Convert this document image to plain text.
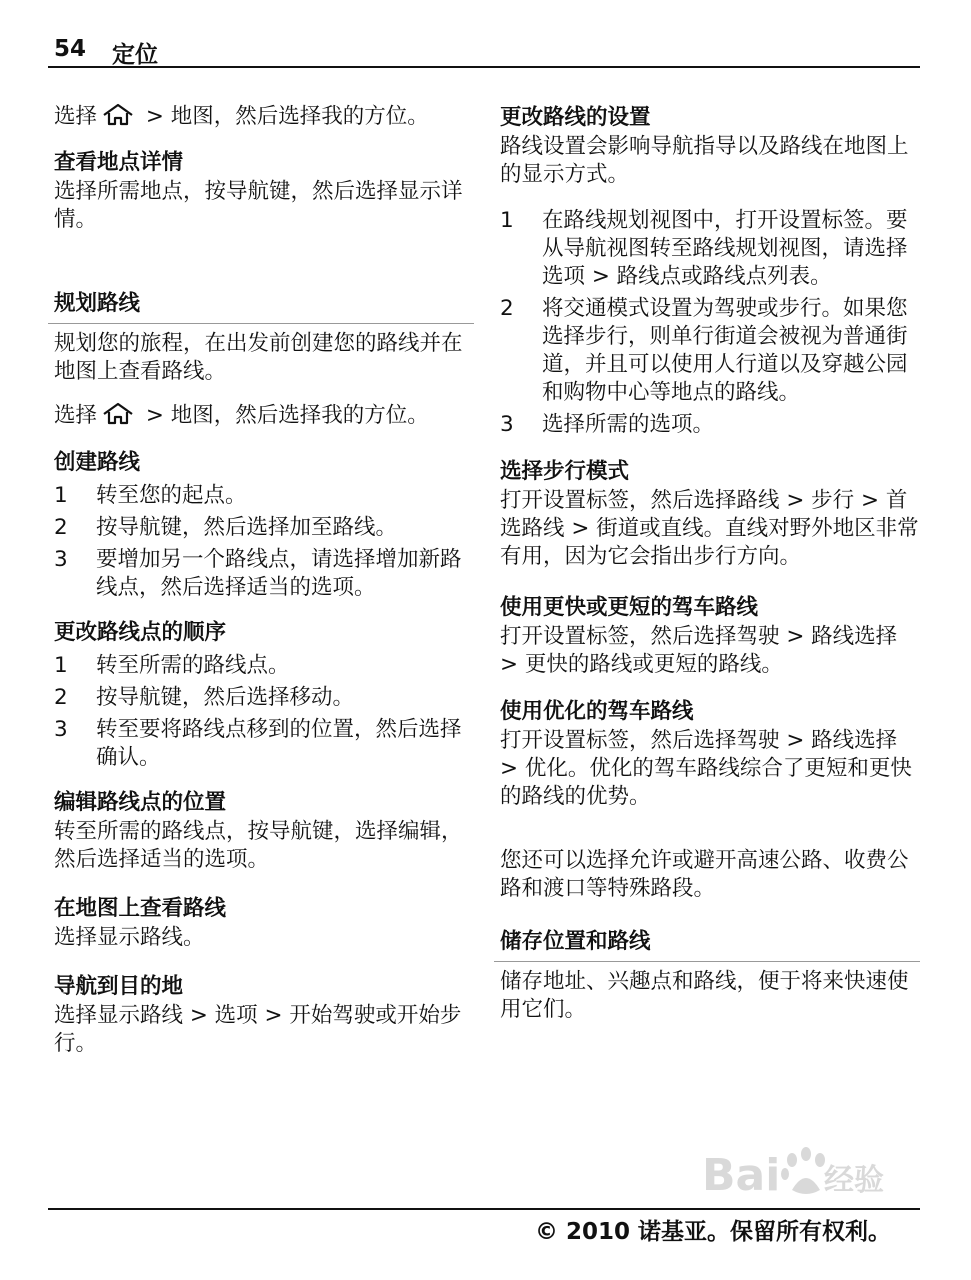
54 定位

选择 > 地图，然后选择我的方位。

查看地点详情

选择所需地点，按导航键，然后选择显示详情。

规划路线

规划您的旅程，在出发前创建您的路线并在地图上查看路线。

选择 > 地图，然后选择我的方位。

创建路线

1	转至您的起点。
2	按导航键，然后选择加至路线。
3	要增加另一个路线点，请选择增加新路线点，然后选择适当的选项。

更改路线点的顺序

1	转至所需的路线点。
2	按导航键，然后选择移动。
3	转至要将路线点移到的位置，然后选择确认。

编辑路线点的位置

转至所需的路线点，按导航键，选择编辑，然后选择适当的选项。

在地图上查看路线

选择显示路线。

导航到目的地

选择显示路线 > 选项 > 开始驾驶或开始步行。

更改路线的设置

路线设置会影响导航指导以及路线在地图上的显示方式。

1	在路线规划视图中，打开设置标签。要从导航视图转至路线规划视图，请选择选项 > 路线点或路线点列表。
2	将交通模式设置为驾驶或步行。如果您选择步行，则单行街道会被视为普通街道，并且可以使用人行道以及穿越公园和购物中心等地点的路线。
3	选择所需的选项。

选择步行模式

打开设置标签，然后选择路线 > 步行 > 首选路线 > 街道或直线。直线对野外地区非常有用，因为它会指出步行方向。

使用更快或更短的驾车路线

打开设置标签，然后选择驾驶 > 路线选择 > 更快的路线或更短的路线。

使用优化的驾车路线

打开设置标签，然后选择驾驶 > 路线选择 > 优化。优化的驾车路线综合了更短和更快的路线的优势。

您还可以选择允许或避开高速公路、收费公路和渡口等特殊路段。

储存位置和路线

储存地址、兴趣点和路线，便于将来快速使用它们。

Bai 经验
© 2010 诺基亚。保留所有权利。
